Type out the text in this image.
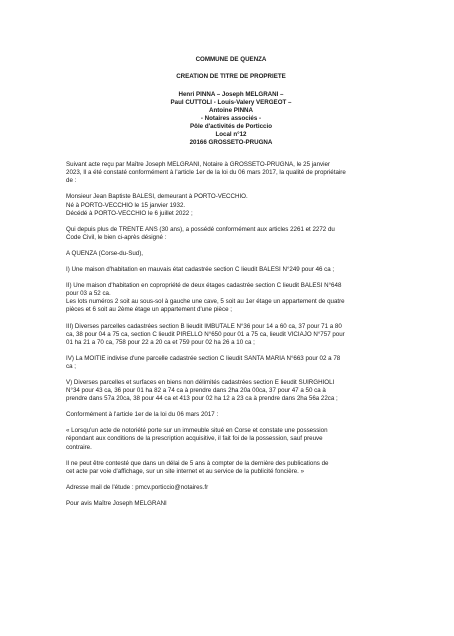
COMMUNE DE QUENZA
CREATION DE TITRE DE PROPRIETE
Henri PINNA – Joseph MELGRANI –
Paul CUTTOLI - Louis-Valery VERGEOT –
Antoine PINNA
- Notaires associés -
Pôle d'activités de Porticcio
Local n°12
20166 GROSSETO-PRUGNA
Suivant acte reçu par Maître Joseph MELGRANI, Notaire à GROSSETO-PRUGNA, le 25 janvier
2023, Il a été constaté conformément à l'article 1er de la loi du 06 mars 2017, la qualité de propriétaire
de :
Monsieur Jean Baptiste BALESI, demeurant à PORTO-VECCHIO.
Né à PORTO-VECCHIO le 15 janvier 1932.
Décédé à PORTO-VECCHIO le 6 juillet 2022 ;
Qui depuis plus de TRENTE ANS (30 ans), a possédé conformément aux articles 2261 et 2272 du
Code Civil, le bien ci-après désigné :
A QUENZA (Corse-du-Sud),
I) Une maison d'habitation en mauvais état cadastrée section C lieudit BALESI N°249 pour 46 ca ;
II) Une maison d'habitation en copropriété de deux étages cadastrée section C lieudit BALESI N°648
pour 03 a 52 ca.
Les lots numéros 2 soit au sous-sol à gauche une cave, 5 soit au 1er étage un appartement de quatre
pièces et 6 soit au 2ème étage un appartement d'une pièce ;
III) Diverses parcelles cadastrées section B lieudit IMBUTALE N°36 pour 14 a 60 ca, 37 pour 71 a 80
ca, 38 pour 04 a 75 ca, section C lieudit PIRELLO N°650 pour 01 a 75 ca, lieudit VICIAJO N°757 pour
01 ha 21 a 70 ca, 758 pour 22 a 20 ca et 759 pour 02 ha 26 a 10 ca ;
IV) La MOITIE indivise d'une parcelle cadastrée section C lieudit SANTA MARIA N°663 pour 02 a 78
ca ;
V) Diverses parcelles et surfaces en biens non délimités cadastrées section E lieudit SUIRGHIOLI
N°34 pour 43 ca, 36 pour 01 ha 82 a 74 ca à prendre dans 2ha 20a 00ca, 37 pour 47 a 50 ca à
prendre dans 57a 20ca, 38 pour 44 ca et 413 pour 02 ha 12 a 23 ca à prendre dans 2ha 56a 22ca ;
Conformément à l'article 1er de la loi du 06 mars 2017 :
« Lorsqu'un acte de notoriété porte sur un immeuble situé en Corse et constate une possession
répondant aux conditions de la prescription acquisitive, il fait foi de la possession, sauf preuve
contraire.
Il ne peut être contesté que dans un délai de 5 ans à compter de la dernière des publications de
cet acte par voie d'affichage, sur un site internet et au service de la publicité foncière. »
Adresse mail de l'étude : pmcv.porticcio@notaires.fr
Pour avis Maître Joseph MELGRANI
